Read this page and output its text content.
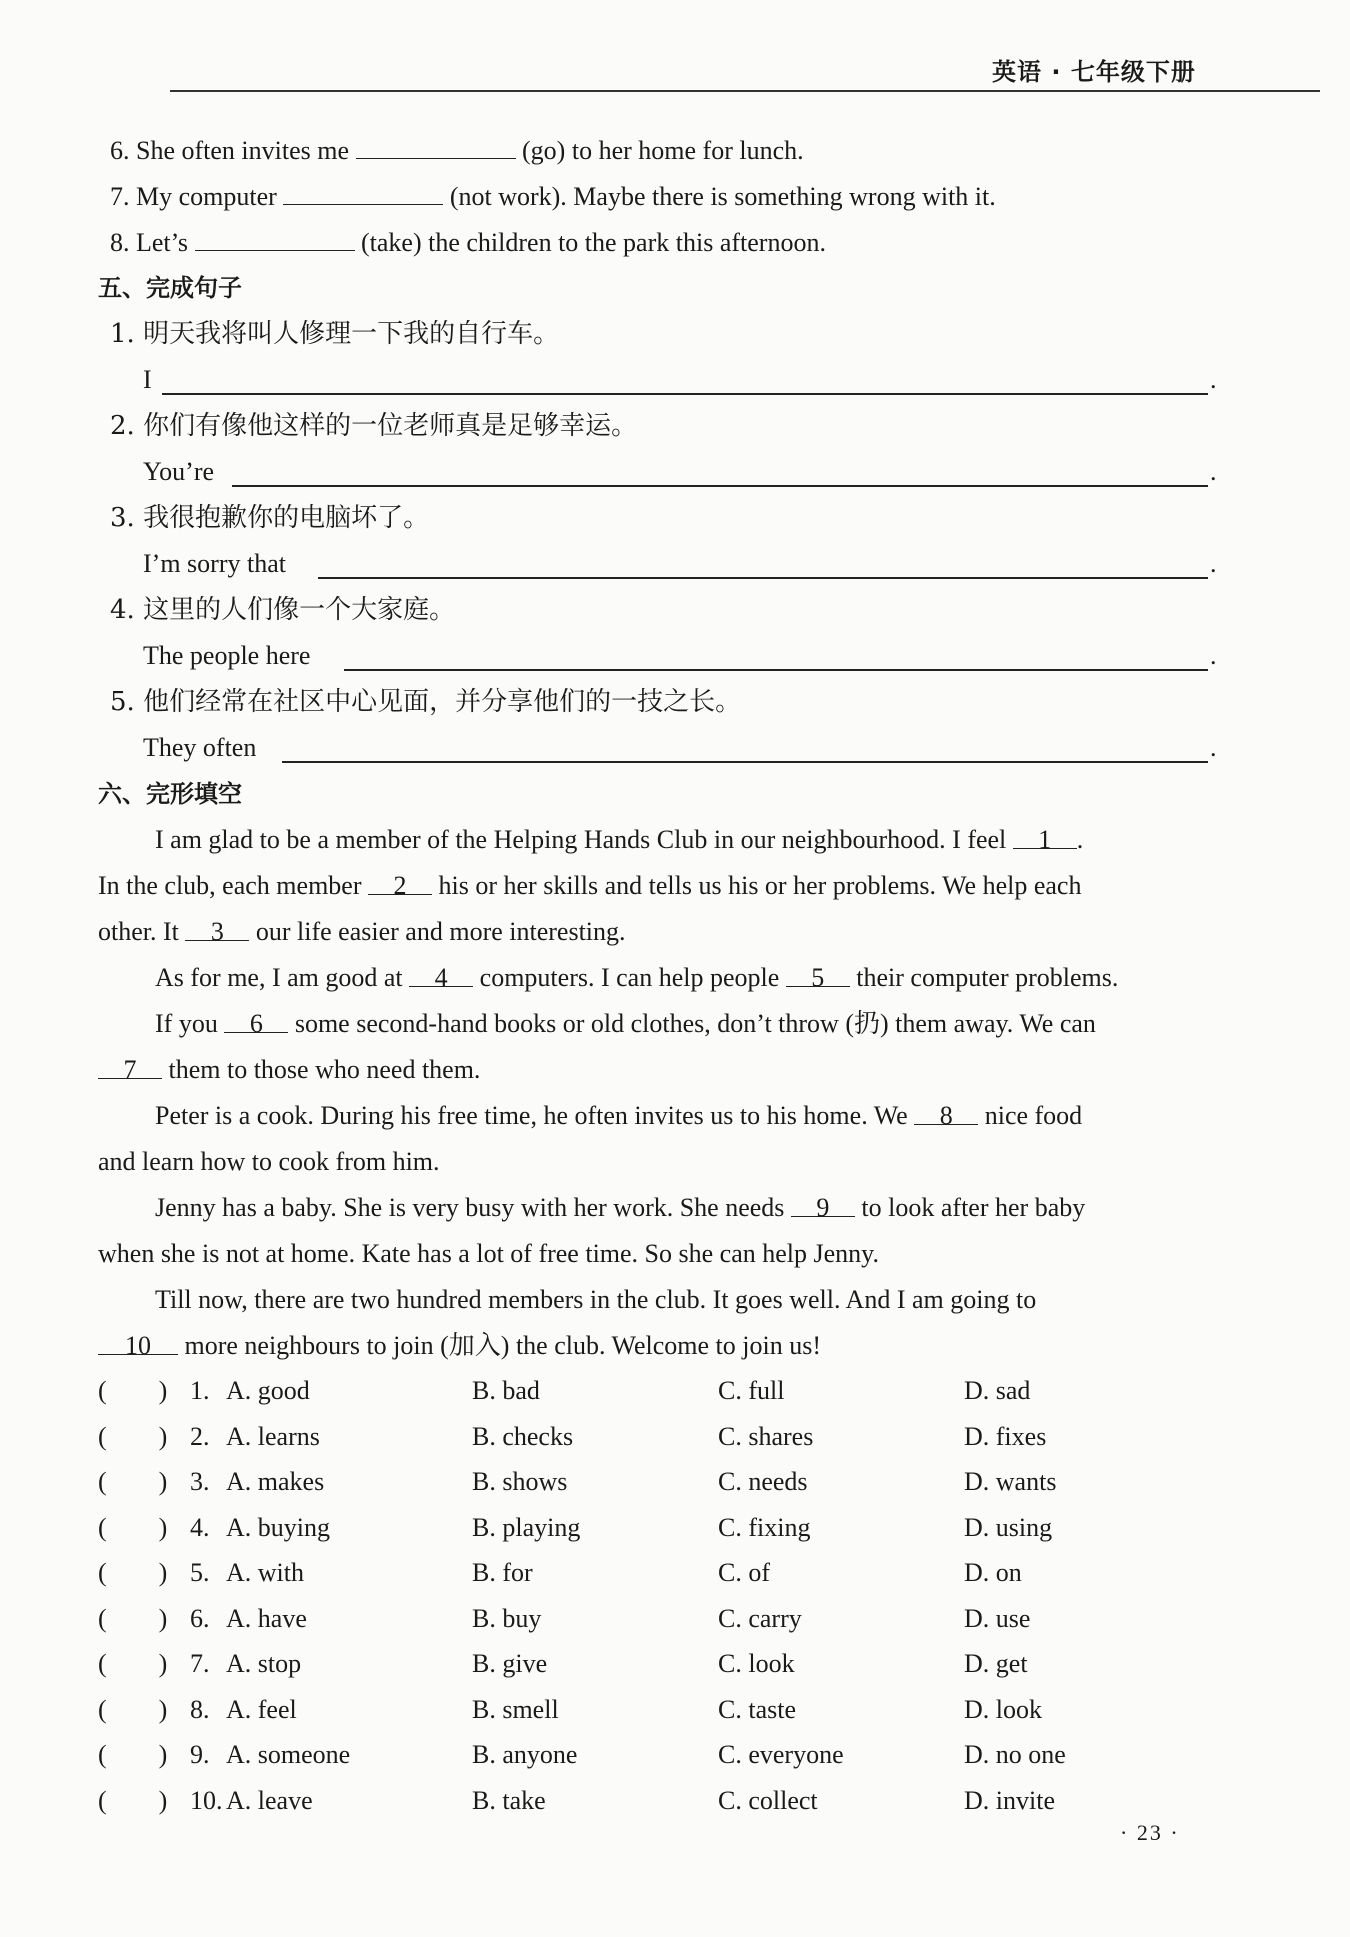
英语 · 七年级下册
6. She often invites me	(go) to her home for lunch.
7. My computer	(not work). Maybe there is something wrong with it.
8. Let’s	(take) the children to the park this afternoon.
五、完成句子
1. 明天我将叫人修理一下我的自行车。
I	.
2. 你们有像他这样的一位老师真是足够幸运。
You’re	.
3. 我很抱歉你的电脑坏了。
I’m sorry that	.
4. 这里的人们像一个大家庭。
The people here	.
5. 他们经常在社区中心见面，并分享他们的一技之长。
They often	.
六、完形填空
I am glad to be a member of the Helping Hands Club in our neighbourhood. I feel 1 .
In the club, each member 2 his or her skills and tells us his or her problems. We help each
other. It 3 our life easier and more interesting.
As for me, I am good at 4 computers. I can help people 5 their computer problems.
If you 6 some second-hand books or old clothes, don’t throw (扔) them away. We can
7 them to those who need them.
Peter is a cook. During his free time, he often invites us to his home. We 8 nice food
and learn how to cook from him.
Jenny has a baby. She is very busy with her work. She needs 9 to look after her baby
when she is not at home. Kate has a lot of free time. So she can help Jenny.
Till now, there are two hundred members in the club. It goes well. And I am going to
10 more neighbours to join (加入) the club. Welcome to join us!
(　　) 1. A. good	B. bad	C. full	D. sad
(　　) 2. A. learns	B. checks	C. shares	D. fixes
(　　) 3. A. makes	B. shows	C. needs	D. wants
(　　) 4. A. buying	B. playing	C. fixing	D. using
(　　) 5. A. with	B. for	C. of	D. on
(　　) 6. A. have	B. buy	C. carry	D. use
(　　) 7. A. stop	B. give	C. look	D. get
(　　) 8. A. feel	B. smell	C. taste	D. look
(　　) 9. A. someone	B. anyone	C. everyone	D. no one
(　　) 10. A. leave	B. take	C. collect	D. invite
· 23 ·
